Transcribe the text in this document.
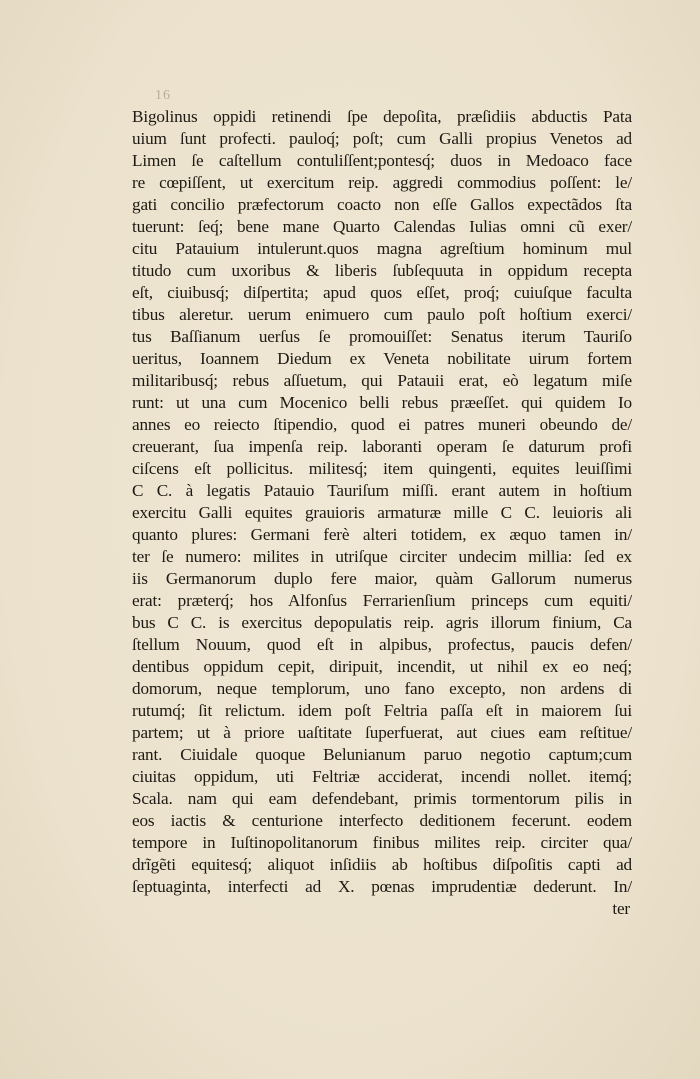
16
Bigolinus oppidi retinendi ſpe depoſita, præſidiis abductis Pata
uium ſunt profecti. pauloq́; poſt; cum Galli propius Venetos ad
Limen ſe caſtellum contuliſſent;pontesq́; duos in Medoaco face
re cœpiſſent, ut exercitum reip. aggredi commodius poſſent: le/
gati concilio præfectorum coacto non eſſe Gallos expectãdos ſta
tuerunt: ſeq́; bene mane Quarto Calendas Iulias omni cũ exer/
citu Patauium intulerunt.quos magna agreſtium hominum mul
titudo cum uxoribus & liberis ſubſequuta in oppidum recepta
eſt, ciuibusq́; diſpertita; apud quos eſſet, proq́; cuiuſque faculta
tibus aleretur. uerum enimuero cum paulo poſt hoſtium exerci/
tus Baſſianum uerſus ſe promouiſſet: Senatus iterum Tauriſo
ueritus, Ioannem Diedum ex Veneta nobilitate uirum fortem
militaribusq́; rebus aſſuetum, qui Patauii erat, eò legatum miſe
runt: ut una cum Mocenico belli rebus præeſſet. qui quidem Io
annes eo reiecto ſtipendio, quod ei patres muneri obeundo de/
creuerant, ſua impenſa reip. laboranti operam ſe daturum profi
ciſcens eſt pollicitus. militesq́; item quingenti, equites leuiſſimi
C C. à legatis Patauio Tauriſum miſſi. erant autem in hoſtium
exercitu Galli equites grauioris armaturæ mille C C. leuioris ali
quanto plures: Germani ferè alteri totidem, ex æquo tamen in/
ter ſe numero: milites in utriſque circiter undecim millia: ſed ex
iis Germanorum duplo fere maior, quàm Gallorum numerus
erat: præterq́; hos Alfonſus Ferrarienſium princeps cum equiti/
bus C C. is exercitus depopulatis reip. agris illorum finium, Ca
ſtellum Nouum, quod eſt in alpibus, profectus, paucis defen/
dentibus oppidum cepit, diripuit, incendit, ut nihil ex eo neq́;
domorum, neque templorum, uno fano excepto, non ardens di
rutumq́; ſit relictum. idem poſt Feltria paſſa eſt in maiorem ſui
partem; ut à priore uaſtitate ſuperfuerat, aut ciues eam reſtitue/
rant. Ciuidale quoque Belunianum paruo negotio captum;cum
ciuitas oppidum, uti Feltriæ acciderat, incendi nollet. itemq́;
Scala. nam qui eam defendebant, primis tormentorum pilis in
eos iactis & centurione interfecto deditionem fecerunt. eodem
tempore in Iuſtinopolitanorum finibus milites reip. circiter qua/
drĩgẽti equitesq́; aliquot inſidiis ab hoſtibus diſpoſitis capti ad
ſeptuaginta, interfecti ad X. pœnas imprudentiæ dederunt. In/
ter
